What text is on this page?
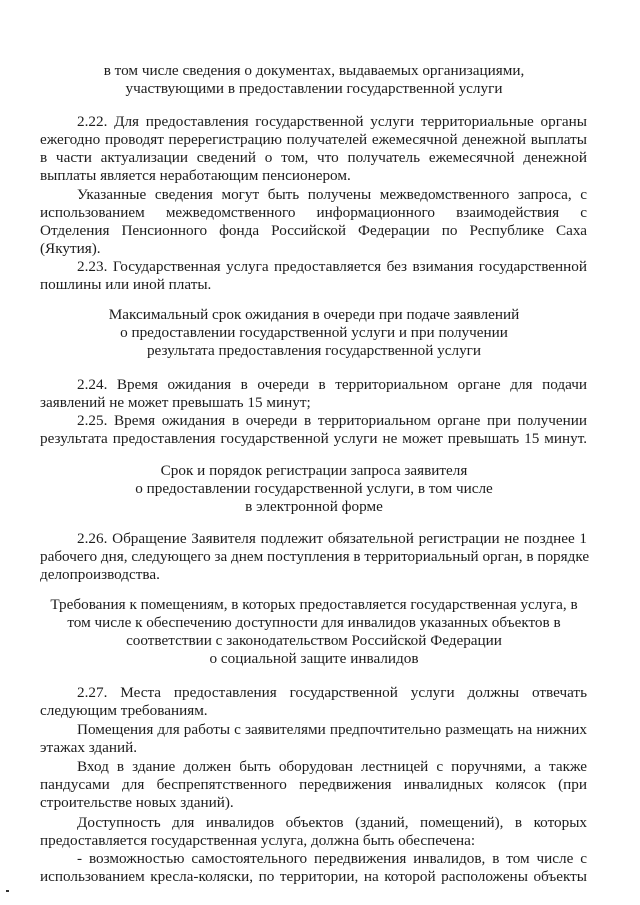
в том числе сведения о документах, выдаваемых организациями,

участвующими в предоставлении государственной услуги

2.22. Для предоставления государственной услуги территориальные органы

ежегодно проводят перерегистрацию получателей ежемесячной денежной выплаты

в части актуализации сведений о том, что получатель ежемесячной денежной

выплаты является неработающим пенсионером.

Указанные сведения могут быть получены межведомственного запроса, с

использованием межведомственного информационного взаимодействия с

Отделения Пенсионного фонда Российской Федерации по Республике Саха

(Якутия).

2.23. Государственная услуга предоставляется без взимания государственной

пошлины или иной платы.

Максимальный срок ожидания в очереди при подаче заявлений

о предоставлении государственной услуги и при получении

результата предоставления государственной услуги

2.24. Время ожидания в очереди в территориальном органе для подачи

заявлений не может превышать 15 минут;

2.25. Время ожидания в очереди в территориальном органе при получении

результата предоставления государственной услуги не может превышать 15 минут.

Срок и порядок регистрации запроса заявителя

о предоставлении государственной услуги, в том числе

в электронной форме

2.26. Обращение Заявителя подлежит обязательной регистрации не позднее 1

рабочего дня, следующего за днем поступления в территориальный орган, в порядке

делопроизводства.

Требования к помещениям, в которых предоставляется государственная услуга, в

том числе к обеспечению доступности для инвалидов указанных объектов в

соответствии с законодательством Российской Федерации

о социальной защите инвалидов

2.27. Места предоставления государственной услуги должны отвечать

следующим требованиям.

Помещения для работы с заявителями предпочтительно размещать на нижних

этажах зданий.

Вход в здание должен быть оборудован лестницей с поручнями, а также

пандусами для беспрепятственного передвижения инвалидных колясок (при

строительстве новых зданий).

Доступность для инвалидов объектов (зданий, помещений), в которых

предоставляется государственная услуга, должна быть обеспечена:

- возможностью самостоятельного передвижения инвалидов, в том числе с

использованием кресла-коляски, по территории, на которой расположены объекты
